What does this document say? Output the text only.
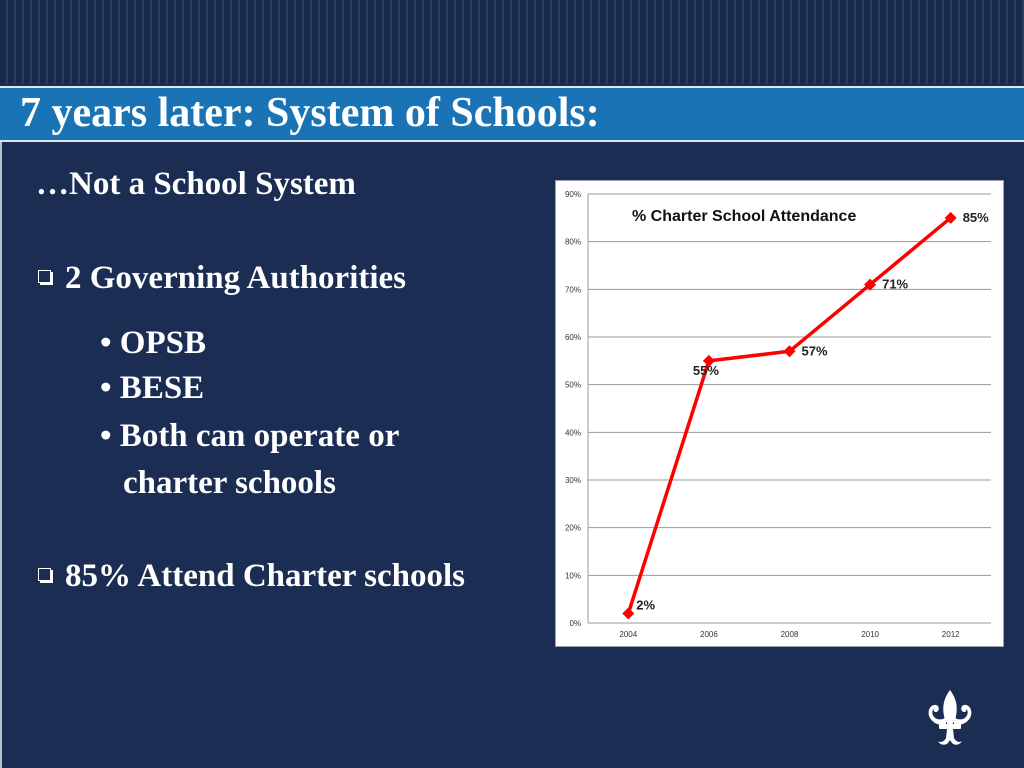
7 years later: System of Schools:
…Not a School System
2 Governing Authorities
• OPSB
• BESE
• Both can operate or
charter schools
85% Attend Charter schools
0%
10%
20%
30%
40%
50%
60%
70%
80%
90%
2004	2006	2008	2010	2012
% Charter School Attendance
2%
55%
57%
71%
85%
